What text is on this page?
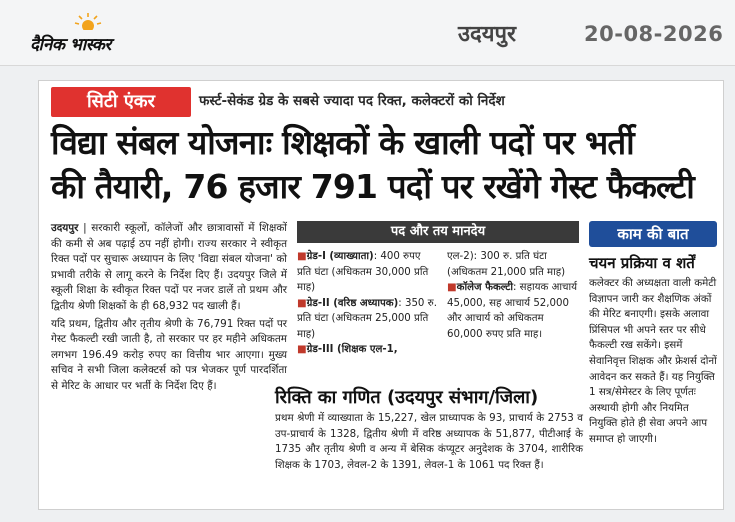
दैनिक भास्कर	उदयपुर	20-08-2026
सिटी एंकर	फर्स्ट-सेकंड ग्रेड के सबसे ज्यादा पद रिक्त, कलेक्टरों को निर्देश
विद्या संबल योजनाः शिक्षकों के खाली पदों पर भर्ती
की तैयारी, 76 हजार 791 पदों पर रखेंगे गेस्ट फैकल्टी

उदयपुर | सरकारी स्कूलों, कॉलेजों और छात्रावासों में शिक्षकों की कमी से अब पढ़ाई ठप नहीं होगी। राज्य सरकार ने स्वीकृत रिक्त पदों पर सुचारू अध्यापन के लिए 'विद्या संबल योजना' को प्रभावी तरीके से लागू करने के निर्देश दिए हैं। उदयपुर जिले में स्कूली शिक्षा के स्वीकृत रिक्त पदों पर नजर डालें तो प्रथम और द्वितीय श्रेणी शिक्षकों के ही 68,932 पद खाली हैं।

यदि प्रथम, द्वितीय और तृतीय श्रेणी के 76,791 रिक्त पदों पर गेस्ट फैकल्टी रखी जाती है, तो सरकार पर हर महीने अधिकतम लगभग 196.49 करोड़ रुपए का वित्तीय भार आएगा। मुख्य सचिव ने सभी जिला कलेक्टर्स को पत्र भेजकर पूर्ण पारदर्शिता से मेरिट के आधार पर भर्ती के निर्देश दिए हैं।

पद और तय मानदेय
■ग्रेड-I (व्याख्याता): 400 रुपए प्रति घंटा (अधिकतम 30,000 प्रति माह)
■ग्रेड-II (वरिष्ठ अध्यापक): 350 रु. प्रति घंटा (अधिकतम 25,000 प्रति माह)
■ग्रेड-III (शिक्षक एल-1,
एल-2): 300 रु. प्रति घंटा (अधिकतम 21,000 प्रति माह)
■कॉलेज फैकल्टी: सहायक आचार्य 45,000, सह आचार्य 52,000 और आचार्य को अधिकतम 60,000 रुपए प्रति माह।
रिक्ति का गणित (उदयपुर संभाग/जिला)
प्रथम श्रेणी में व्याख्याता के 15,227, खेल प्राध्यापक के 93, प्राचार्य के 2753 व उप-प्राचार्य के 1328, द्वितीय श्रेणी में वरिष्ठ अध्यापक के 51,877, पीटीआई के 1735 और तृतीय श्रेणी व अन्य में बेसिक कंप्यूटर अनुदेशक के 3704, शारीरिक शिक्षक के 1703, लेवल-2 के 1391, लेवल-1 के 1061 पद रिक्त हैं।
काम की बात
चयन प्रक्रिया व शर्तें
कलेक्टर की अध्यक्षता वाली कमेटी विज्ञापन जारी कर शैक्षणिक अंकों की मेरिट बनाएगी। इसके अलावा प्रिंसिपल भी अपने स्तर पर सीधे फैकल्टी रख सकेंगे। इसमें सेवानिवृत्त शिक्षक और फ्रेशर्स दोनों आवेदन कर सकते हैं। यह नियुक्ति 1 सत्र/सेमेस्टर के लिए पूर्णतः अस्थायी होगी और नियमित नियुक्ति होते ही सेवा अपने आप समाप्त हो जाएगी।
